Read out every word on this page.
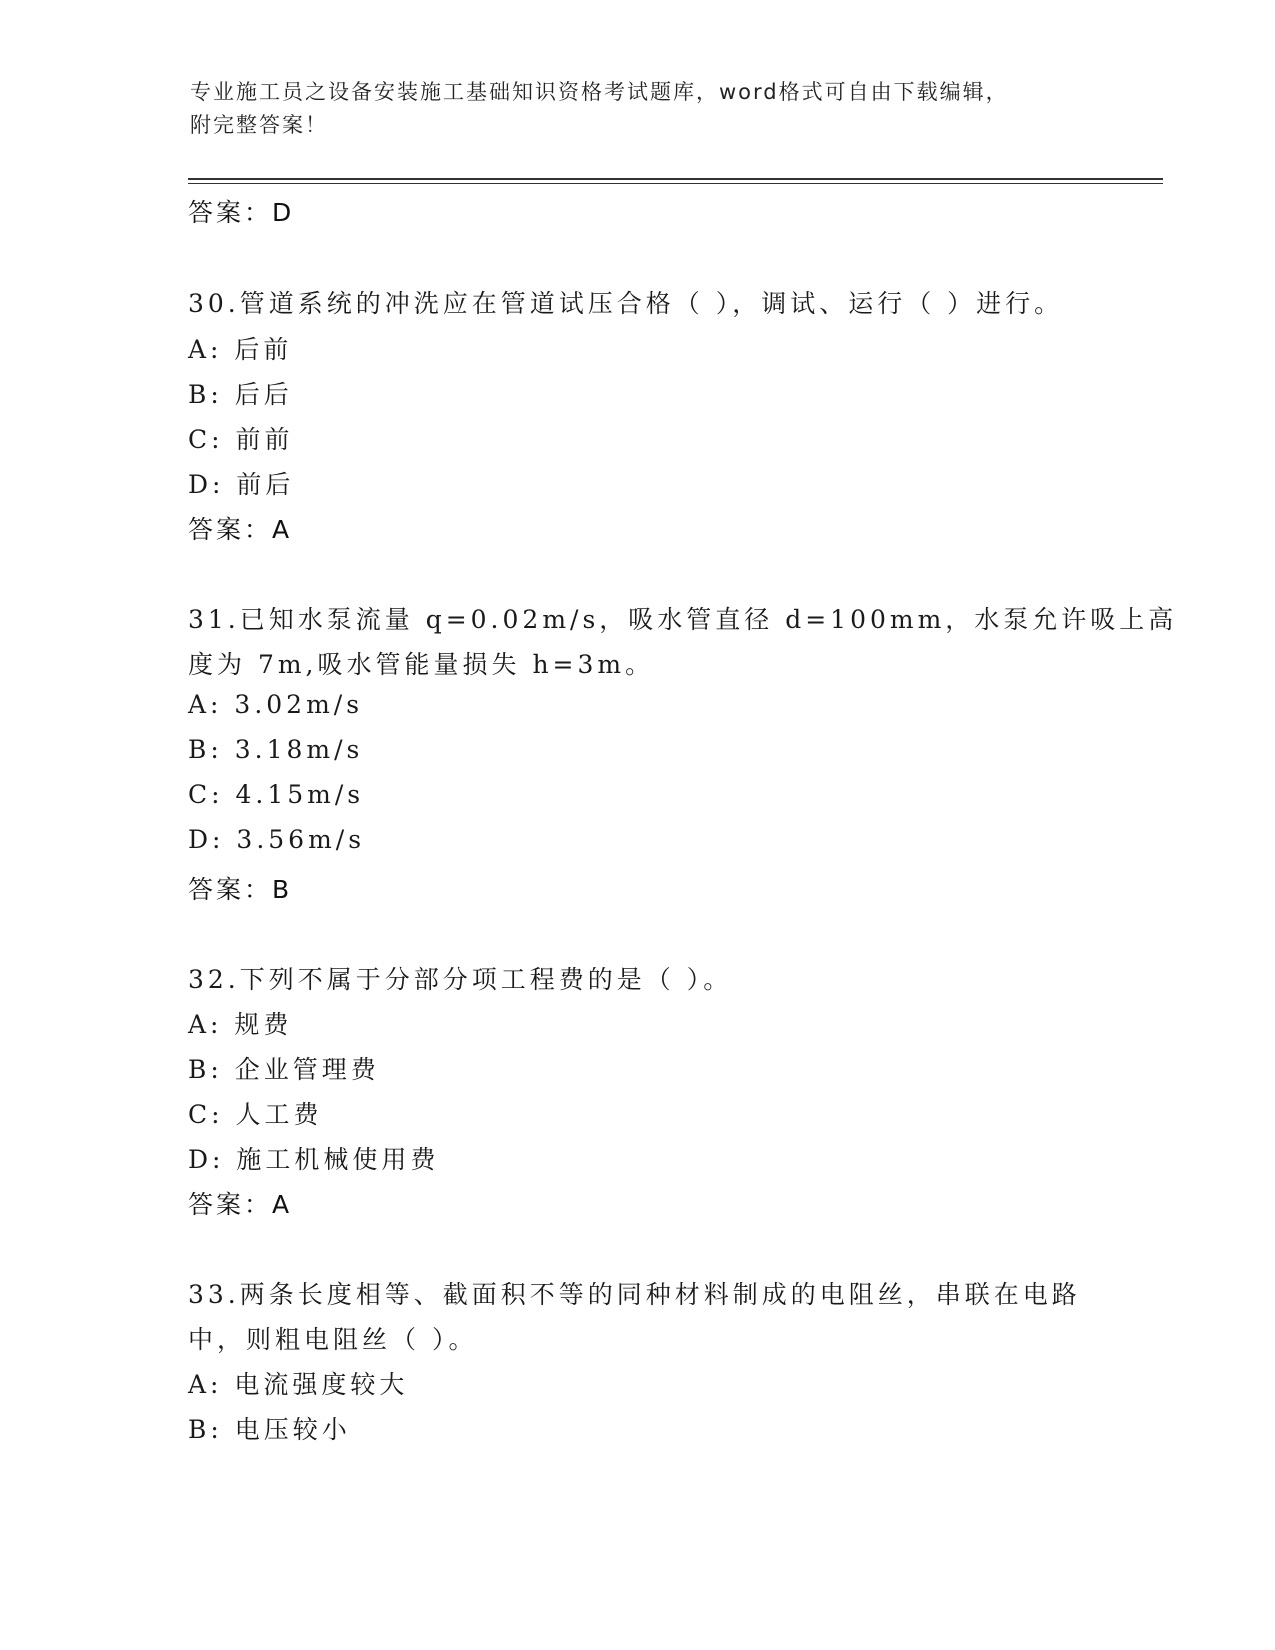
专业施工员之设备安装施工基础知识资格考试题库，word格式可自由下载编辑，
附完整答案！
答案：D
30.管道系统的冲洗应在管道试压合格（ ），调试、运行（ ）进行。
A: 后前
B: 后后
C: 前前
D: 前后
答案：A
31.已知水泵流量 q=0.02m/s，吸水管直径 d=100mm，水泵允许吸上高
度为 7m,吸水管能量损失 h=3m。
A: 3.02m/s
B: 3.18m/s
C: 4.15m/s
D: 3.56m/s
答案：B
32.下列不属于分部分项工程费的是（ ）。
A: 规费
B: 企业管理费
C: 人工费
D: 施工机械使用费
答案：A
33.两条长度相等、截面积不等的同种材料制成的电阻丝，串联在电路
中，则粗电阻丝（ ）。
A: 电流强度较大
B: 电压较小
